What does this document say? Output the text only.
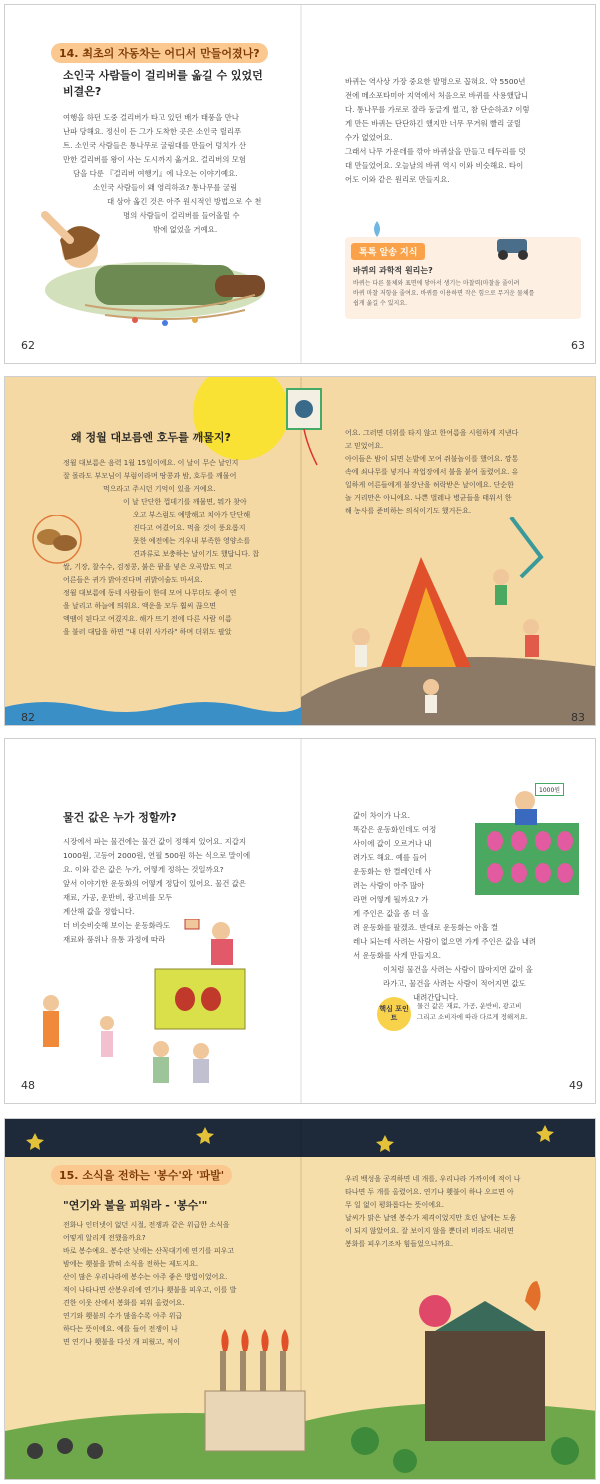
14. 최초의 자동차는 어디서 만들어졌나?
소인국 사람들이 걸리버를 옮길 수 있었던
비결은?
여행을 하던 도중 걸리버가 타고 있던 배가 태풍을 만나
난파 당해요. 정신이 든 그가 도착한 곳은 소인국 릴리푸
트. 소인국 사람들은 통나무로 굴림대를 만들어 덩치가 산
만한 걸리버를 왕이 사는 도시까지 옮겨요. 걸리버의 모험
담을 다룬 『걸리버 여행기』에 나오는 이야기예요.
소인국 사람들이 왜 영리하죠? 통나무를 굴림
대 삼아 옮긴 것은 아주 원시적인 방법으로 수 천
명의 사람들이 걸리버를 들어올릴 수
밖에 없었을 거예요.
62
바퀴는 역사상 가장 중요한 발명으로 꼽혀요. 약 5500년
전에 메소포타미아 지역에서 처음으로 바퀴를 사용했답니
다. 통나무를 가로로 잘라 둥글게 썰고, 참 단순하죠? 이렇
게 만든 바퀴는 단단하긴 했지만 너무 무거워 빨리 굴릴
수가 없었어요.
그래서 나무 가운데를 깎아 바퀴살을 만들고 테두리를 덧
대 만들었어요. 오늘날의 바퀴 역시 이와 비슷해요. 타이
어도 이와 같은 원리로 만들지요.
톡톡 알송 지식
바퀴의 과학적 원리는?
바퀴는 다른 물체와 표면에 닿아서 생기는 마찰력(마찰을 줄이려
바퀴 마찰 저항을 줄여요. 바퀴를 이용하면 작은 힘으로 무거운 물체를
쉽게 옮길 수 있지요.
63
왜 정월 대보름엔 호두를 깨물지?
정월 대보름은 음력 1월 15일이에요. 이 날이 무슨 날인지
잘 몰라도 부모님이 부럼이라며 땅콩과 밤, 호두를 깨물어
먹으라고 주시던 기억이 있을 거예요.
이 날 단단한 껍데기를 깨물면, 뭐가 찾아
오고 부스럼도 예방해고 치아가 단단해
진다고 여겼어요. 먹을 것이 풍요롭지
못한 예전에는 겨우내 부족한 영양소를
견과류로 보충하는 날이기도 했답니다. 찹
쌀, 기장, 찰수수, 검정콩, 붉은 팥을 넣은 오곡밥도 먹고
어른들은 귀가 밝아진다며 귀밝이술도 마셔요.
정월 대보름에 동네 사람들이 한데 모여 나무더도 좋이 연
을 날리고 하늘에 띄워요. 액운을 모두 훨씨 끊으면
액땜이 된다고 여겼지요. 해가 뜨기 전에 다른 사람 이름
을 불러 대답을 하면 "내 더위 사가라" 하며 더위도 팔았
82
어요. 그러면 더위를 타지 않고 한여름을 시원하게 지낸다
고 믿었어요.
아이들은 밤이 되면 논밭에 모여 쥐불놀이를 했어요. 깡통
속에 쇠나무를 넣거나 작업장에서 불을 붙여 돌렸어요. 유
일하게 어른들에게 불장난을 허락받은 날이에요. 단순한
놀 거리만은 아니에요. 나쁜 벌레나 병균들을 태워서 한
해 농사를 준비하는 의식이기도 했거든요.
83
물건 값은 누가 정할까?
시장에서 파는 물건에는 물건 값이 정해져 있어요. 지갑지
1000원, 고등어 2000원, 연필 500원 하는 식으로 말이에
요. 이와 같은 값은 누가, 어떻게 정하는 것일까요?
앞서 이야기한 운동화의 어떻게 정답이 있어요. 물건 값은
재료, 가공, 운반비, 광고비를 모두
계산해 값을 정합니다.
더 비슷비슷해 보이는 운동화라도
재료와 품위나 유통 과정에 따라
48
값이 차이가 나요.
똑같은 운동화인데도 여정
사이에 값이 오르거나 내
려가도 해요. 예를 들어
운동화는 한 켤레인데 사
려는 사람이 아주 많아
라면 어떻게 될까요? 가
게 주인은 값을 좀 더 올
려 운동화를 팔겠죠. 반대로 운동화는 아홉 켤
레나 되는데 사려는 사람이 없으면 가게 주인은 값을 내려
서 운동화를 사게 만들지요.
이처럼 물건을 사려는 사람이 많아지면 값이 올
라가고, 물건을 사려는 사람이 적어지면 값도
내려간답니다.
1000원
핵심 포인트
물건 값은 재료, 가공, 운반비, 광고비
그리고 소비자에 따라 다르게 정해져요.
49
15. 소식을 전하는 '봉수'와 '파발'
"연기와 불을 피워라 - '봉수'"
전화나 인터넷이 없던 시절, 전쟁과 같은 위급한 소식을
어떻게 알리게 전했을까요?
바로 봉수예요. 봉수란 낮에는 산꼭대기에 연기를 피우고
밤에는 횃불을 밝혀 소식을 전하는 제도지요.
산이 많은 우리나라에 봉수는 아주 좋은 방법이었어요.
적이 나타나면 산봉우리에 연기나 횃불을 피우고, 이를 발
견한 이웃 산에서 봉화를 피워 올렸어요.
연기와 횃불의 수가 많을수록 아주 위급
하다는 뜻이에요. 예를 들어 전쟁이 나
면 연기나 횃불을 다섯 개 피웠고, 적이
우리 백성을 공격하면 네 개를, 우리나라 가까이에 적이 나
타나면 두 개를 올렸어요. 연기나 횃불이 하나 오르면 아
무 일 없이 평화롭다는 뜻이에요.
날씨가 맑은 날엔 봉수가 제격이었지만 흐린 날에는 도움
이 되지 않았어요. 잘 보이지 않을 뿐더러 비라도 내리면
봉화를 피우기조차 힘들었으니까요.
